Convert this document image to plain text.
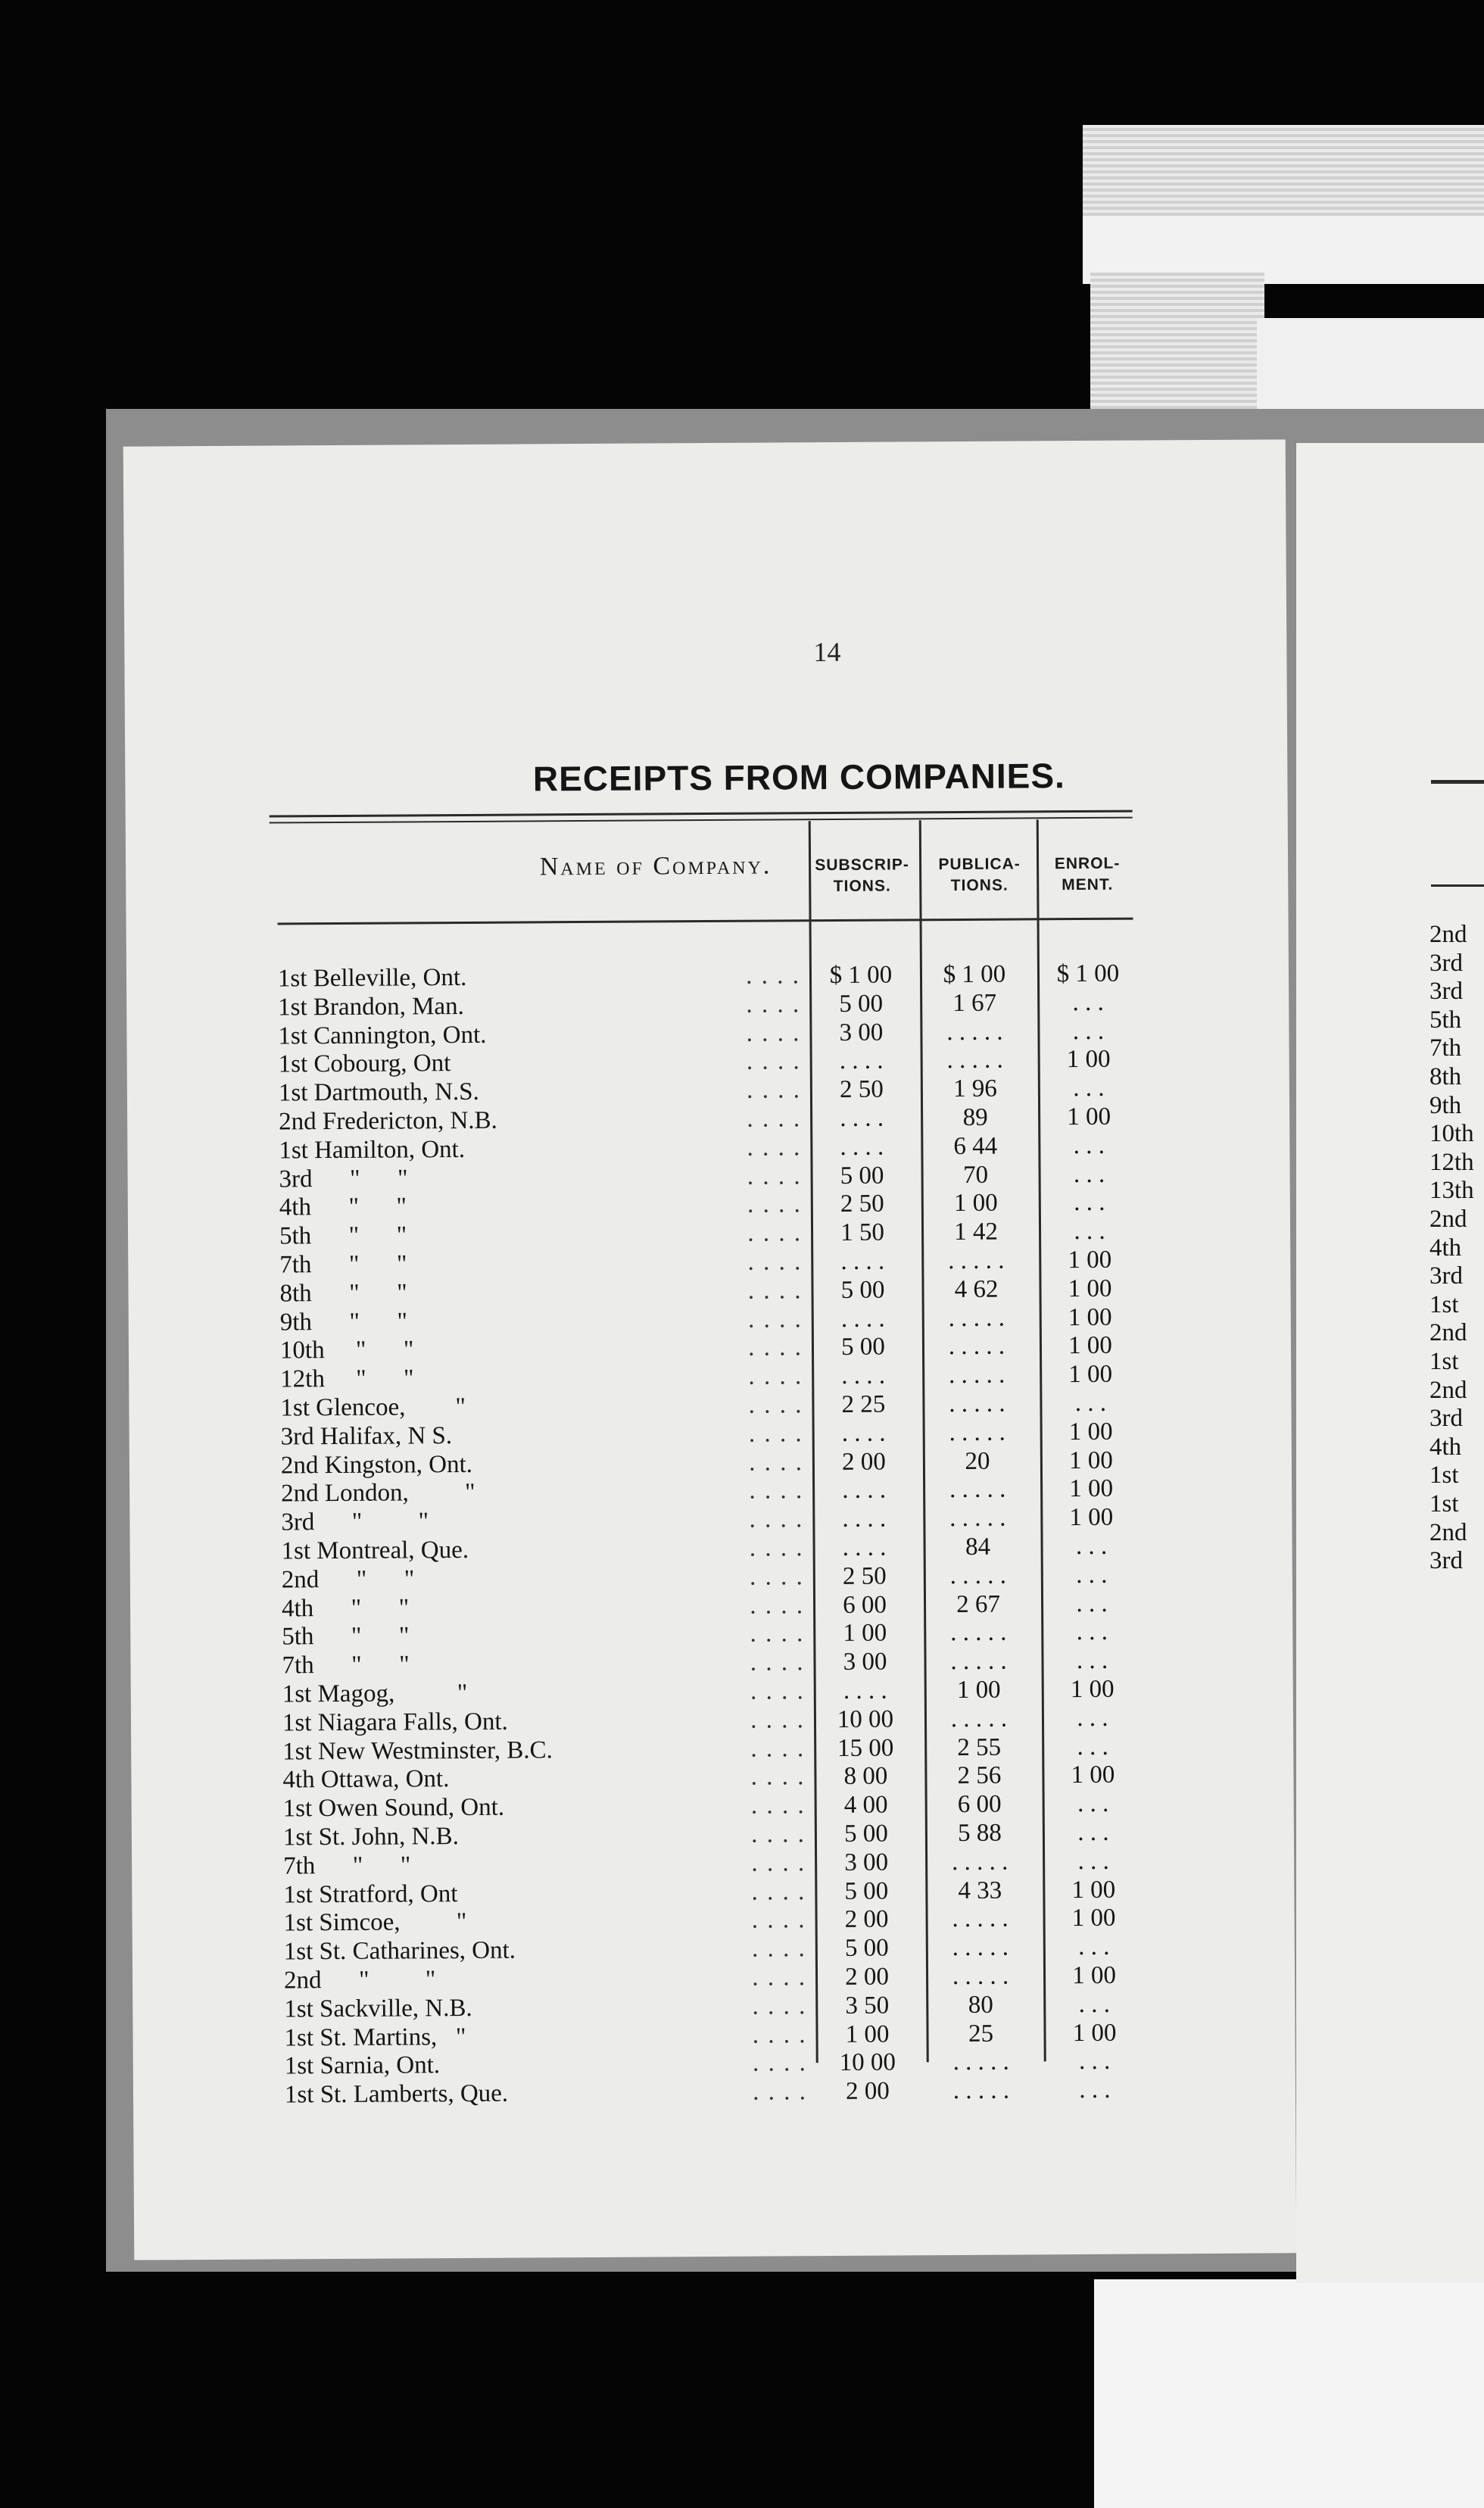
2nd
3rd
3rd
5th
7th
8th
9th
10th
12th
13th
2nd
4th
3rd
1st
2nd
1st
2nd
3rd
4th
1st
1st
2nd
3rd
14
RECEIPTS FROM COMPANIES.
Name of Company.	SUBSCRIP-
TIONS.
PUBLICA-
TIONS.
ENROL-
MENT.
1st Belleville, Ont.	. . . .	$ 1 00	$ 1 00	$ 1 00
1st Brandon, Man.	. . . .	5 00	1 67	. . .
1st Cannington, Ont.	. . . .	3 00	. . . . .	. . .
1st Cobourg, Ont	. . . .	. . . .	. . . . .	1 00
1st Dartmouth, N.S.	. . . .	2 50	1 96	. . .
2nd Fredericton, N.B.	. . . .	. . . .	89	1 00
1st Hamilton, Ont.	. . . .	. . . .	6 44	. . .
3rd      "      "	. . . .	5 00	70	. . .
4th      "      "	. . . .	2 50	1 00	. . .
5th      "      "	. . . .	1 50	1 42	. . .
7th      "      "	. . . .	. . . .	. . . . .	1 00
8th      "      "	. . . .	5 00	4 62	1 00
9th      "      "	. . . .	. . . .	. . . . .	1 00
10th     "      "	. . . .	5 00	. . . . .	1 00
12th     "      "	. . . .	. . . .	. . . . .	1 00
1st Glencoe,        "	. . . .	2 25	. . . . .	. . .
3rd Halifax, N S.	. . . .	. . . .	. . . . .	1 00
2nd Kingston, Ont.	. . . .	2 00	20	1 00
2nd London,         "	. . . .	. . . .	. . . . .	1 00
3rd      "         "	. . . .	. . . .	. . . . .	1 00
1st Montreal, Que.	. . . .	. . . .	84	. . .
2nd      "      "	. . . .	2 50	. . . . .	. . .
4th      "      "	. . . .	6 00	2 67	. . .
5th      "      "	. . . .	1 00	. . . . .	. . .
7th      "      "	. . . .	3 00	. . . . .	. . .
1st Magog,          "	. . . .	. . . .	1 00	1 00
1st Niagara Falls, Ont.	. . . .	10 00	. . . . .	. . .
1st New Westminster, B.C.	. . . .	15 00	2 55	. . .
4th Ottawa, Ont.	. . . .	8 00	2 56	1 00
1st Owen Sound, Ont.	. . . .	4 00	6 00	. . .
1st St. John, N.B.	. . . .	5 00	5 88	. . .
7th      "      "	. . . .	3 00	. . . . .	. . .
1st Stratford, Ont	. . . .	5 00	4 33	1 00
1st Simcoe,         "	. . . .	2 00	. . . . .	1 00
1st St. Catharines, Ont.	. . . .	5 00	. . . . .	. . .
2nd      "         "	. . . .	2 00	. . . . .	1 00
1st Sackville, N.B.	. . . .	3 50	80	. . .
1st St. Martins,   "	. . . .	1 00	25	1 00
1st Sarnia, Ont.	. . . .	10 00	. . . . .	. . .
1st St. Lamberts, Que.	. . . .	2 00	. . . . .	. . .
